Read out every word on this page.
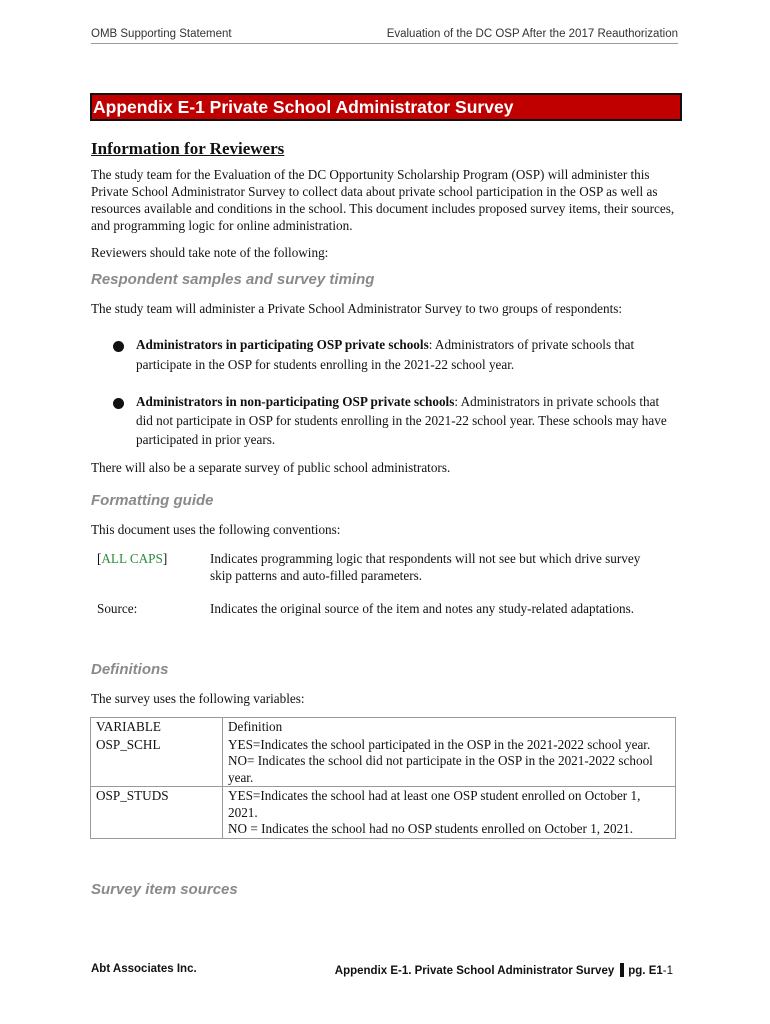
OMB Supporting Statement	Evaluation of the DC OSP After the 2017 Reauthorization
Appendix E-1 Private School Administrator Survey
Information for Reviewers
The study team for the Evaluation of the DC Opportunity Scholarship Program (OSP) will administer this Private School Administrator Survey to collect data about private school participation in the OSP as well as resources available and conditions in the school. This document includes proposed survey items, their sources, and programming logic for online administration.
Reviewers should take note of the following:
Respondent samples and survey timing
The study team will administer a Private School Administrator Survey to two groups of respondents:
Administrators in participating OSP private schools: Administrators of private schools that participate in the OSP for students enrolling in the 2021-22 school year.
Administrators in non-participating OSP private schools: Administrators in private schools that did not participate in OSP for students enrolling in the 2021-22 school year. These schools may have participated in prior years.
There will also be a separate survey of public school administrators.
Formatting guide
This document uses the following conventions:
[ALL CAPS]	Indicates programming logic that respondents will not see but which drive survey skip patterns and auto-filled parameters.
Source:	Indicates the original source of the item and notes any study-related adaptations.
Definitions
The survey uses the following variables:
VARIABLE	Definition
OSP_SCHL	YES=Indicates the school participated in the OSP in the 2021-2022 school year.
NO= Indicates the school did not participate in the OSP in the 2021-2022 school year.

OSP_STUDS	YES=Indicates the school had at least one OSP student enrolled on October 1, 2021.
NO = Indicates the school had no OSP students enrolled on October 1, 2021.
Survey item sources
Abt Associates Inc.	Appendix E-1. Private School Administrator Survey pg. E1-1
